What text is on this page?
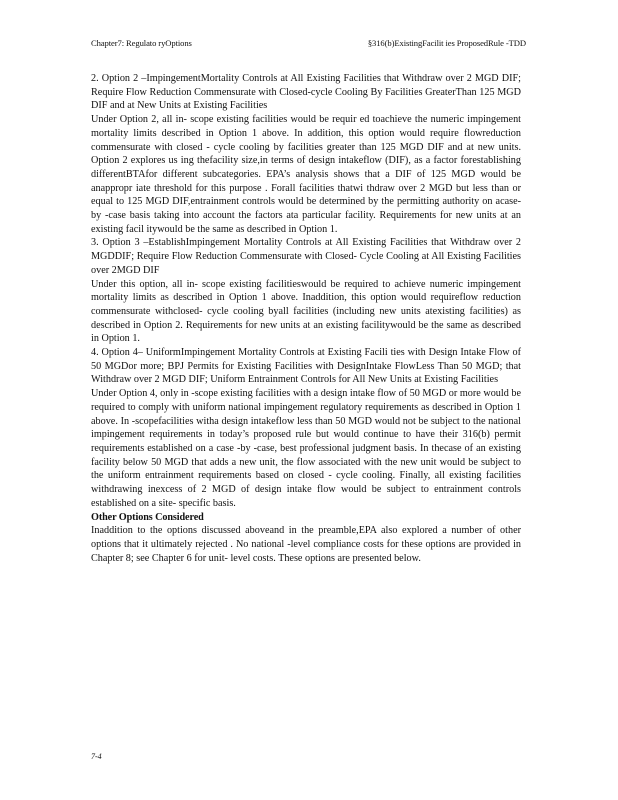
Chapter7: Regulato ryOptions	§316(b)ExistingFacilit ies ProposedRule -TDD

2. Option 2 –ImpingementMortality Controls at All Existing Facilities that Withdraw over 2 MGD DIF; Require Flow Reduction Commensurate with Closed-cycle Cooling By Facilities GreaterThan 125 MGD DIF and at New Units at Existing Facilities

Under Option 2, all in- scope existing facilities would be requir ed toachieve the numeric impingement mortality limits described in Option 1 above. In addition, this option would require flowreduction commensurate with closed - cycle cooling by facilities greater than 125 MGD DIF and at new units. Option 2 explores us ing thefacility size,in terms of design intakeflow (DIF), as a factor forestablishing differentBTAfor different subcategories. EPA’s analysis shows that a DIF of 125 MGD would be anappropr iate threshold for this purpose . Forall facilities thatwi thdraw over 2 MGD but less than or equal to 125 MGD DIF,entrainment controls would be determined by the permitting authority on acase- by -case basis taking into account the factors ata particular facility. Requirements for new units at an existing facil itywould be the same as described in Option 1.

3. Option 3 –EstablishImpingement Mortality Controls at All Existing Facilities that Withdraw over 2 MGDDIF; Require Flow Reduction Commensurate with Closed- Cycle Cooling at All Existing Facilities over 2MGD DIF

Under this option, all in- scope existing facilitieswould be required to achieve numeric impingement mortality limits as described in Option 1 above. Inaddition, this option would requireflow reduction commensurate withclosed- cycle cooling byall facilities (including new units atexisting facilities) as described in Option 2. Requirements for new units at an existing facilitywould be the same as described in Option 1.

4. Option 4– UniformImpingement Mortality Controls at Existing Facili ties with Design Intake Flow of 50 MGDor more; BPJ Permits for Existing Facilities with DesignIntake FlowLess Than 50 MGD; that Withdraw over 2 MGD DIF; Uniform Entrainment Controls for All New Units at Existing Facilities

Under Option 4, only in -scope existing facilities with a design intake flow of 50 MGD or more would be required to comply with uniform national impingement regulatory requirements as described in Option 1 above. In -scopefacilities witha design intakeflow less than 50 MGD would not be subject to the national impingement requirements in today’s proposed rule but would continue to have their 316(b) permit requirements established on a case -by -case, best professional judgment basis. In thecase of an existing facility below 50 MGD that adds a new unit, the flow associated with the new unit would be subject to the uniform entrainment requirements based on closed - cycle cooling. Finally, all existing facilities withdrawing inexcess of 2 MGD of design intake flow would be subject to entrainment controls established on a site- specific basis.

Other Options Considered

Inaddition to the options discussed aboveand in the preamble,EPA also explored a number of other options that it ultimately rejected . No national -level compliance costs for these options are provided in Chapter 8; see Chapter 6 for unit- level costs. These options are presented below.

7-4
